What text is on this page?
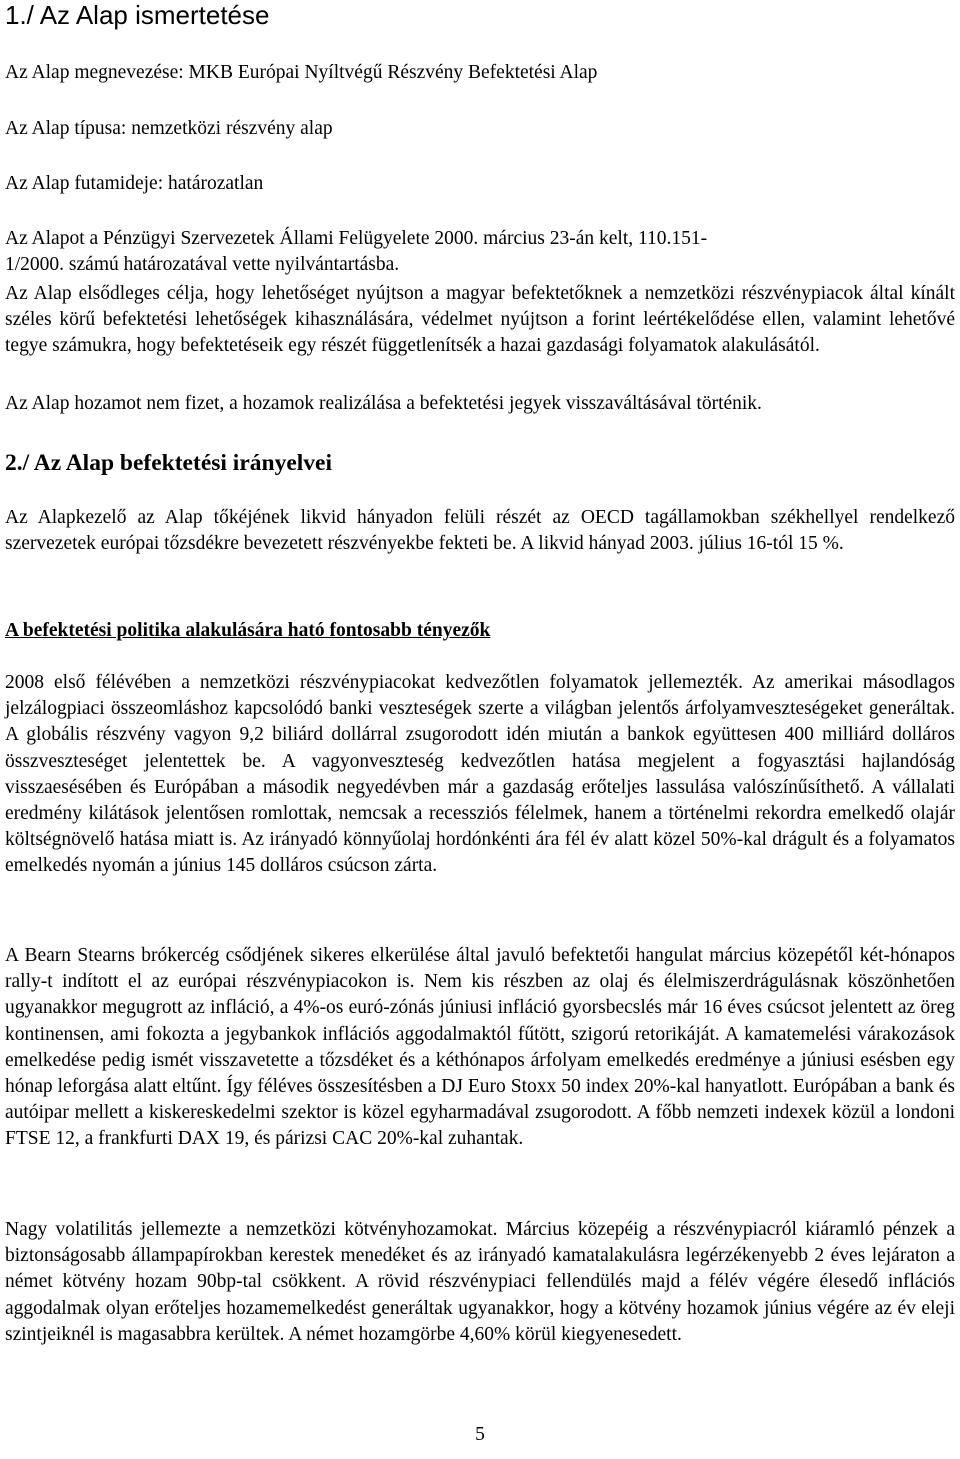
1./ Az Alap ismertetése
Az Alap megnevezése: MKB Európai Nyíltvégű Részvény Befektetési Alap
Az Alap típusa: nemzetközi részvény alap
Az Alap futamideje: határozatlan

Az Alapot a Pénzügyi Szervezetek Állami Felügyelete 2000. március 23-án kelt, 110.151-1/2000. számú határozatával vette nyilvántartásba.

Az Alap elsődleges célja, hogy lehetőséget nyújtson a magyar befektetőknek a nemzetközi részvénypiacok által kínált széles körű befektetési lehetőségek kihasználására, védelmet nyújtson a forint leértékelődése ellen, valamint lehetővé tegye számukra, hogy befektetéseik egy részét függetlenítsék a hazai gazdasági folyamatok alakulásától.

Az Alap hozamot nem fizet, a hozamok realizálása a befektetési jegyek visszaváltásával történik.

2./ Az Alap befektetési irányelvei

Az Alapkezelő az Alap tőkéjének likvid hányadon felüli részét az OECD tagállamokban székhellyel rendelkező szervezetek európai tőzsdékre bevezetett részvényekbe fekteti be. A likvid hányad 2003. július 16-tól 15 %.

A befektetési politika alakulására ható fontosabb tényezők

2008 első félévében a nemzetközi részvénypiacokat kedvezőtlen folyamatok jellemezték. Az amerikai másodlagos jelzálogpiaci összeomláshoz kapcsolódó banki veszteségek szerte a világban jelentős árfolyamveszteségeket generáltak. A globális részvény vagyon 9,2 biliárd dollárral zsugorodott idén miután a bankok együttesen 400 milliárd dolláros összveszteséget jelentettek be. A vagyonveszteség kedvezőtlen hatása megjelent a fogyasztási hajlandóság visszaesésében és Európában a második negyedévben már a gazdaság erőteljes lassulása valószínűsíthető. A vállalati eredmény kilátások jelentősen romlottak, nemcsak a recessziós félelmek, hanem a történelmi rekordra emelkedő olajár költségnövelő hatása miatt is. Az irányadó könnyűolaj hordónkénti ára fél év alatt közel 50%-kal drágult és a folyamatos emelkedés nyomán a június 145 dolláros csúcson zárta.

A Bearn Stearns brókercég csődjének sikeres elkerülése által javuló befektetői hangulat március közepétől két-hónapos rally-t indított el az európai részvénypiacokon is. Nem kis részben az olaj és élelmiszerdrágulásnak köszönhetően ugyanakkor megugrott az infláció, a 4%-os euró-zónás júniusi infláció gyorsbecslés már 16 éves csúcsot jelentett az öreg kontinensen, ami fokozta a jegybankok inflációs aggodalmaktól fűtött, szigorú retorikáját. A kamatemelési várakozások emelkedése pedig ismét visszavetette a tőzsdéket és a kéthónapos árfolyam emelkedés eredménye a júniusi esésben egy hónap leforgása alatt eltűnt. Így féléves összesítésben a DJ Euro Stoxx 50 index 20%-kal hanyatlott. Európában a bank és autóipar mellett a kiskereskedelmi szektor is közel egyharmadával zsugorodott. A főbb nemzeti indexek közül a londoni FTSE 12, a frankfurti DAX 19, és párizsi CAC 20%-kal zuhantak.

Nagy volatilitás jellemezte a nemzetközi kötvényhozamokat. Március közepéig a részvénypiacról kiáramló pénzek a biztonságosabb állampapírokban kerestek menedéket és az irányadó kamatalakulásra legérzékenyebb 2 éves lejáraton a német kötvény hozam 90bp-tal csökkent. A rövid részvénypiaci fellendülés majd a félév végére élesedő inflációs aggodalmak olyan erőteljes hozamemelkedést generáltak ugyanakkor, hogy a kötvény hozamok június végére az év eleji szintjeiknél is magasabbra kerültek. A német hozamgörbe 4,60% körül kiegyenesedett.

5
